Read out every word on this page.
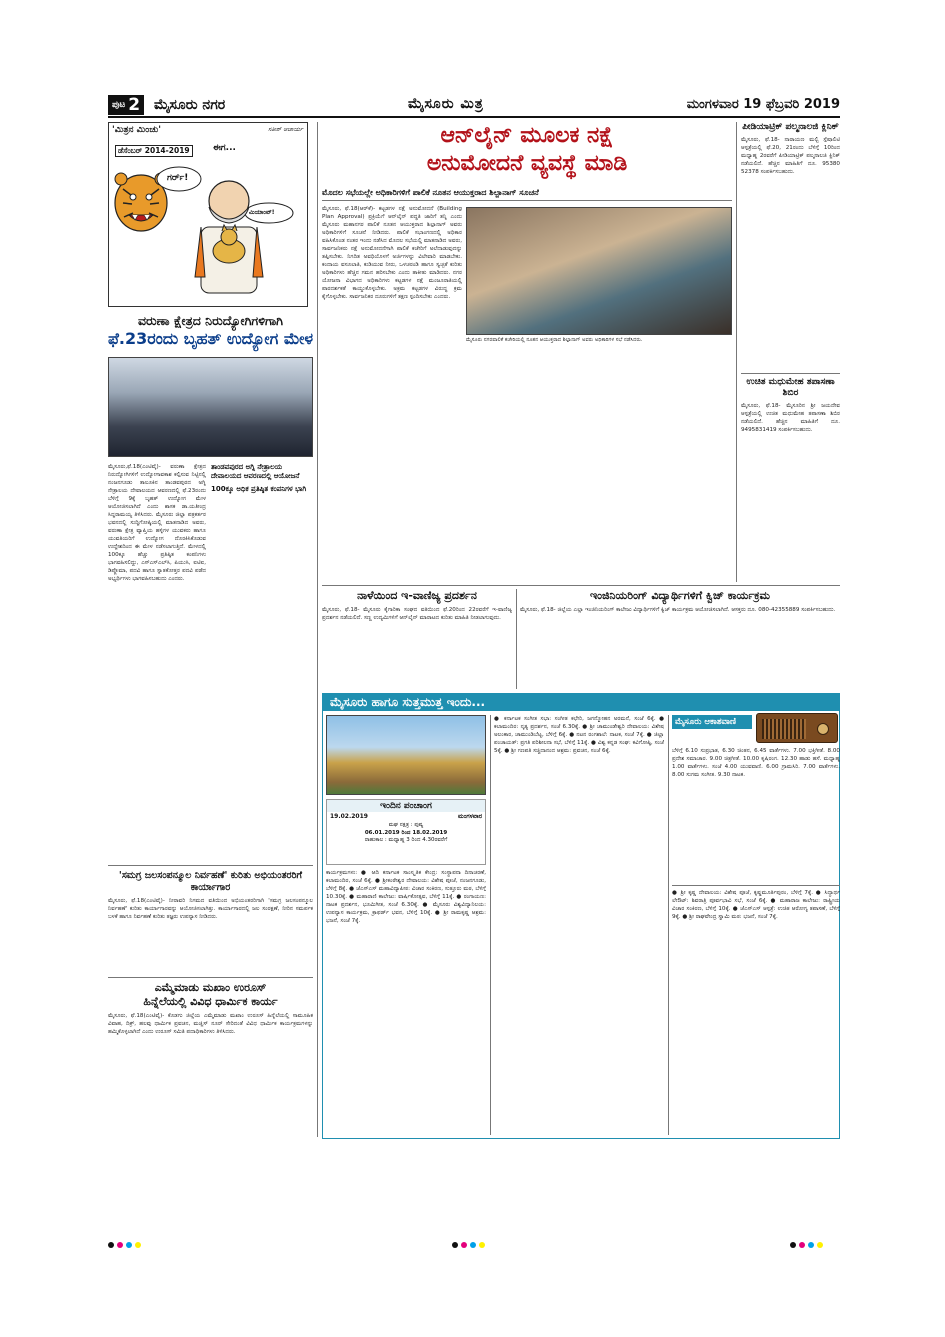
ಪುಟ 2 ಮೈಸೂರು ನಗರ	ಮೈಸೂರು ಮಿತ್ರ	ಮಂಗಳವಾರ 19 ಫೆಬ್ರವರಿ 2019
'ಮಿತ್ರನ ಮಿಂಚು'	ಸತೀಶ್ ಆಚಾರ್ಯ
ಡೆಸೆಂಬರ್ 2014-2019	ಈಗ...
ಗರ್ರ್!
ಮಿಯಾಂವ್!
ವರುಣಾ ಕ್ಷೇತ್ರದ ನಿರುದ್ಯೋಗಿಗಳಿಗಾಗಿ
ಫೆ.23ರಂದು ಬೃಹತ್ ಉದ್ಯೋಗ ಮೇಳ

ಮೈಸೂರು,ಫೆ.18(ಎಂಟಿವೈ)- ವರುಣಾ ಕ್ಷೇತ್ರದ ನಿರುದ್ಯೋಗಿಗಳಿಗೆ ಉದ್ಯೋಗಾವಕಾಶ ಕಲ್ಪಿಸುವ ನಿಟ್ಟಿನಲ್ಲಿ ನಂಜನಗೂಡು ತಾಲೂಕಿನ ತಾಂಡವಪುರದ ಅಗ್ನಿ ನೇತ್ರಾಲಯ ದೇವಾಲಯದ ಆವರಣದಲ್ಲಿ ಫೆ.23ರಂದು ಬೆಳಿಗ್ಗೆ 9ಕ್ಕೆ ಬೃಹತ್ ಉದ್ಯೋಗ ಮೇಳ ಆಯೋಜಿಸಲಾಗಿದೆ ಎಂದು ಶಾಸಕ ಡಾ.ಯತೀಂದ್ರ ಸಿದ್ದರಾಮಯ್ಯ ತಿಳಿಸಿದರು. ಮೈಸೂರು ಜಿಲ್ಲಾ ಪತ್ರಕರ್ತರ ಭವನದಲ್ಲಿ ಸುದ್ದಿಗೋಷ್ಠಿಯಲ್ಲಿ ಮಾತನಾಡಿದ ಅವರು, ವರುಣಾ ಕ್ಷೇತ್ರ ವ್ಯಾಪ್ತಿಯ ಹಳ್ಳಿಗಳ ಯುವಕರು ಹಾಗೂ ಯುವತಿಯರಿಗೆ ಉದ್ಯೋಗ ದೊರಕಿಸಿಕೊಡುವ ಉದ್ದೇಶದಿಂದ ಈ ಮೇಳ ನಡೆಸಲಾಗುತ್ತಿದೆ. ಮೇಳದಲ್ಲಿ 100ಕ್ಕೂ ಹೆಚ್ಚು ಪ್ರತಿಷ್ಠಿತ ಕಂಪನಿಗಳು ಭಾಗವಹಿಸಲಿದ್ದು, ಎಸ್ಎಸ್ಎಲ್‌ಸಿ, ಪಿಯುಸಿ, ಐಟಿಐ, ಡಿಪ್ಲೊಮಾ, ಪದವಿ ಹಾಗೂ ಸ್ನಾತಕೋತ್ತರ ಪದವಿ ಪಡೆದ ಅಭ್ಯರ್ಥಿಗಳು ಭಾಗವಹಿಸಬಹುದು ಎಂದರು.

ತಾಂಡವಪುರದ ಅಗ್ನಿ ನೇತ್ರಾಲಯ ದೇವಾಲಯದ ಆವರಣದಲ್ಲಿ ಆಯೋಜನೆ
100ಕ್ಕೂ ಅಧಿಕ ಪ್ರತಿಷ್ಠಿತ ಕಂಪನಿಗಳ ಭಾಗಿ
'ಸಮಗ್ರ ಜಲಸಂಪನ್ಮೂಲ ನಿರ್ವಹಣೆ' ಕುರಿತು ಅಭಿಯಂತರರಿಗೆ ಕಾರ್ಯಾಗಾರ
ಮೈಸೂರು, ಫೆ.18(ಎಂಟಿವೈ)- ನೀರಾವರಿ ನಿಗಮದ ವತಿಯಿಂದ ಅಭಿಯಂತರರಿಗಾಗಿ 'ಸಮಗ್ರ ಜಲಸಂಪನ್ಮೂಲ ನಿರ್ವಹಣೆ' ಕುರಿತು ಕಾರ್ಯಾಗಾರವನ್ನು ಆಯೋಜಿಸಲಾಗಿತ್ತು. ಕಾರ್ಯಾಗಾರದಲ್ಲಿ ಜಲ ಸಂರಕ್ಷಣೆ, ನೀರಿನ ಸಮರ್ಪಕ ಬಳಕೆ ಹಾಗೂ ನಿರ್ವಹಣೆ ಕುರಿತು ತಜ್ಞರು ಉಪನ್ಯಾಸ ನೀಡಿದರು.
ಎಮ್ಮೆಮಾಡು ಮಖಾಂ ಉರೂಸ್
ಹಿನ್ನೆಲೆಯಲ್ಲಿ ವಿವಿಧ ಧಾರ್ಮಿಕ ಕಾರ್ಯ
ಮೈಸೂರು, ಫೆ.18(ಎಂಟಿವೈ)- ಕೊಡಗು ಜಿಲ್ಲೆಯ ಎಮ್ಮೆಮಾಡು ಮಖಾಂ ಉರೂಸ್ ಹಿನ್ನೆಲೆಯಲ್ಲಿ ಸಾಮೂಹಿಕ ವಿವಾಹ, ದಿಕ್ರ್, ಹಲವು ಧಾರ್ಮಿಕ ಪ್ರವಚನ, ಮಜ್ಲಿಸ್ ನೂರ್ ಸೇರಿದಂತೆ ವಿವಿಧ ಧಾರ್ಮಿಕ ಕಾರ್ಯಕ್ರಮಗಳನ್ನು ಹಮ್ಮಿಕೊಳ್ಳಲಾಗಿದೆ ಎಂದು ಉರೂಸ್ ಸಮಿತಿ ಪದಾಧಿಕಾರಿಗಳು ತಿಳಿಸಿದರು.
ಆನ್‌ಲೈನ್ ಮೂಲಕ ನಕ್ಷೆ
ಅನುಮೋದನೆ ವ್ಯವಸ್ಥೆ ಮಾಡಿ
ಮೊದಲ ಸಭೆಯಲ್ಲೇ ಅಧಿಕಾರಿಗಳಿಗೆ ಪಾಲಿಕೆ ನೂತನ ಆಯುಕ್ತರಾದ ಶಿಲ್ಪಾನಾಗ್ ಸೂಚನೆ

ಮೈಸೂರು, ಫೆ.18(ಆರ್‌ಕೆ)- ಕಟ್ಟಡಗಳ ನಕ್ಷೆ ಅನುಮೋದನೆ (Building Plan Approval) ಪ್ರಕ್ರಿಯೆಗೆ ಆನ್‌ಲೈನ್ ಪದ್ಧತಿ ಜಾರಿಗೆ ತನ್ನಿ ಎಂದು ಮೈಸೂರು ಮಹಾನಗರ ಪಾಲಿಕೆ ನೂತನ ಆಯುಕ್ತರಾದ ಶಿಲ್ಪಾನಾಗ್ ಅವರು ಅಧಿಕಾರಿಗಳಿಗೆ ಸೂಚನೆ ನೀಡಿದರು. ಪಾಲಿಕೆ ಸಭಾಂಗಣದಲ್ಲಿ ಅಧಿಕಾರ ವಹಿಸಿಕೊಂಡ ನಂತರ ಇಂದು ನಡೆಸಿದ ಮೊದಲ ಸಭೆಯಲ್ಲಿ ಮಾತನಾಡಿದ ಅವರು, ಸಾರ್ವಜನಿಕರು ನಕ್ಷೆ ಅನುಮೋದನೆಗಾಗಿ ಪಾಲಿಕೆ ಕಚೇರಿಗೆ ಅಲೆದಾಡುವುದನ್ನು ತಪ್ಪಿಸಬೇಕು. ನಿಗದಿತ ಅವಧಿಯೊಳಗೆ ಅರ್ಜಿಗಳನ್ನು ವಿಲೇವಾರಿ ಮಾಡಬೇಕು. ಕಂದಾಯ ವಸೂಲಾತಿ, ಕುಡಿಯುವ ನೀರು, ಒಳಚರಂಡಿ ಹಾಗೂ ಸ್ವಚ್ಛತೆ ಕುರಿತು ಅಧಿಕಾರಿಗಳು ಹೆಚ್ಚಿನ ಗಮನ ಹರಿಸಬೇಕು ಎಂದು ತಾಕೀತು ಮಾಡಿದರು. ನಗರ ಯೋಜನಾ ವಿಭಾಗದ ಅಧಿಕಾರಿಗಳು ಕಟ್ಟಡಗಳ ನಕ್ಷೆ ಮಂಜೂರಾತಿಯಲ್ಲಿ ಪಾರದರ್ಶಕತೆ ಕಾಯ್ದುಕೊಳ್ಳಬೇಕು. ಅಕ್ರಮ ಕಟ್ಟಡಗಳ ವಿರುದ್ಧ ಕ್ರಮ ಕೈಗೊಳ್ಳಬೇಕು. ಸಾರ್ವಜನಿಕರ ದೂರುಗಳಿಗೆ ತಕ್ಷಣ ಸ್ಪಂದಿಸಬೇಕು ಎಂದರು.

ಮೈಸೂರು ನಗರಪಾಲಿಕೆ ಕಚೇರಿಯಲ್ಲಿ ನೂತನ ಆಯುಕ್ತರಾದ ಶಿಲ್ಪಾನಾಗ್ ಅವರು ಅಧಿಕಾರಿಗಳ ಸಭೆ ನಡೆಸಿದರು.
ಪೀಡಿಯಾಟ್ರಿಕ್ ಪಲ್ಮನಾಲಜಿ ಕ್ಲಿನಿಕ್
ಮೈಸೂರು, ಫೆ.18- ನಾರಾಯಣ ಮಲ್ಟಿ ಸ್ಪೆಷಾಲಿಟಿ ಆಸ್ಪತ್ರೆಯಲ್ಲಿ ಫೆ.20, 21ರಂದು ಬೆಳಿಗ್ಗೆ 10ರಿಂದ ಮಧ್ಯಾಹ್ನ 2ರವರೆಗೆ ಪೀಡಿಯಾಟ್ರಿಕ್ ಪಲ್ಮನಾಲಜಿ ಕ್ಲಿನಿಕ್ ನಡೆಯಲಿದೆ. ಹೆಚ್ಚಿನ ಮಾಹಿತಿಗೆ ದೂ. 95380 52378 ಸಂಪರ್ಕಿಸಬಹುದು.
ಉಚಿತ ಮಧುಮೇಹ ತಪಾಸಣಾ ಶಿಬಿರ
ಮೈಸೂರು, ಫೆ.18- ಮೈಸೂರಿನ ಶ್ರೀ ಜಯದೇವ ಆಸ್ಪತ್ರೆಯಲ್ಲಿ ಉಚಿತ ಮಧುಮೇಹ ತಪಾಸಣಾ ಶಿಬಿರ ನಡೆಯಲಿದೆ. ಹೆಚ್ಚಿನ ಮಾಹಿತಿಗೆ ದೂ. 9495831419 ಸಂಪರ್ಕಿಸಬಹುದು.
ನಾಳೆಯಿಂದ ಇ-ವಾಣಿಜ್ಯ ಪ್ರದರ್ಶನ
ಮೈಸೂರು, ಫೆ.18- ಮೈಸೂರು ಕೈಗಾರಿಕಾ ಸಂಘದ ವತಿಯಿಂದ ಫೆ.20ರಿಂದ 22ರವರೆಗೆ ಇ-ವಾಣಿಜ್ಯ ಪ್ರದರ್ಶನ ನಡೆಯಲಿದೆ. ಸಣ್ಣ ಉದ್ಯಮಿಗಳಿಗೆ ಆನ್‌ಲೈನ್ ಮಾರಾಟದ ಕುರಿತು ಮಾಹಿತಿ ನೀಡಲಾಗುವುದು.
ಇಂಜಿನಿಯರಿಂಗ್ ವಿದ್ಯಾರ್ಥಿಗಳಿಗೆ ಕ್ವಿಜ್ ಕಾರ್ಯಕ್ರಮ
ಮೈಸೂರು, ಫೆ.18- ಜಿಲ್ಲೆಯ ಎಲ್ಲಾ ಇಂಜಿನಿಯರಿಂಗ್ ಕಾಲೇಜು ವಿದ್ಯಾರ್ಥಿಗಳಿಗೆ ಕ್ವಿಜ್ ಕಾರ್ಯಕ್ರಮ ಆಯೋಜಿಸಲಾಗಿದೆ. ಆಸಕ್ತರು ದೂ. 080-42355889 ಸಂಪರ್ಕಿಸಬಹುದು.
ಮೈಸೂರು ಹಾಗೂ ಸುತ್ತಮುತ್ತ ಇಂದು...
ಇಂದಿನ ಪಂಚಾಂಗ
19.02.2019	ಮಂಗಳವಾರ
ಮಘ ನಕ್ಷತ್ರ : ಪುಷ್ಯ
06.01.2019 ರಿಂದ 18.02.2019
ರಾಹುಕಾಲ : ಮಧ್ಯಾಹ್ನ 3 ರಿಂದ 4.30ರವರೆಗೆ

ಕಾರ್ಯಕ್ರಮಗಳು: ● ಆದಿ ಕರ್ನಾಟಕ ಸಾಂಸ್ಕೃತಿಕ ಕೇಂದ್ರ: ಸಂಸ್ಥಾಪನಾ ದಿನಾಚರಣೆ, ಕಲಾಮಂದಿರ, ಸಂಜೆ 6ಕ್ಕೆ. ● ಶ್ರೀಕಂಠೇಶ್ವರ ದೇವಾಲಯ: ವಿಶೇಷ ಪೂಜೆ, ನಂಜನಗೂಡು, ಬೆಳಿಗ್ಗೆ 8ಕ್ಕೆ. ● ಜೆಎಸ್‌ಎಸ್ ಮಹಾವಿದ್ಯಾಪೀಠ: ವಿಚಾರ ಸಂಕಿರಣ, ಸುತ್ತೂರು ಮಠ, ಬೆಳಿಗ್ಗೆ 10.30ಕ್ಕೆ. ● ಮಹಾರಾಣಿ ಕಾಲೇಜು: ವಾರ್ಷಿಕೋತ್ಸವ, ಬೆಳಿಗ್ಗೆ 11ಕ್ಕೆ. ● ರಂಗಾಯಣ: ನಾಟಕ ಪ್ರದರ್ಶನ, ಭೂಮಿಗೀತ, ಸಂಜೆ 6.30ಕ್ಕೆ. ● ಮೈಸೂರು ವಿಶ್ವವಿದ್ಯಾನಿಲಯ: ಉಪನ್ಯಾಸ ಕಾರ್ಯಕ್ರಮ, ಕ್ರಾಫರ್ಡ್ ಭವನ, ಬೆಳಿಗ್ಗೆ 10ಕ್ಕೆ. ● ಶ್ರೀ ರಾಮಕೃಷ್ಣ ಆಶ್ರಮ: ಭಜನೆ, ಸಂಜೆ 7ಕ್ಕೆ.

● ಕರ್ನಾಟಕ ಸಂಗೀತ ಸಭಾ: ಸಂಗೀತ ಕಛೇರಿ, ಜಗನ್ಮೋಹನ ಅರಮನೆ, ಸಂಜೆ 6ಕ್ಕೆ. ● ಕಲಾಮಂದಿರ: ನೃತ್ಯ ಪ್ರದರ್ಶನ, ಸಂಜೆ 6.30ಕ್ಕೆ. ● ಶ್ರೀ ಚಾಮುಂಡೇಶ್ವರಿ ದೇವಾಲಯ: ವಿಶೇಷ ಅಲಂಕಾರ, ಚಾಮುಂಡಿಬೆಟ್ಟ, ಬೆಳಿಗ್ಗೆ 6ಕ್ಕೆ. ● ನಟನ ರಂಗಶಾಲೆ: ನಾಟಕ, ಸಂಜೆ 7ಕ್ಕೆ. ● ಜಿಲ್ಲಾ ಪಂಚಾಯತ್: ಪ್ರಗತಿ ಪರಿಶೀಲನಾ ಸಭೆ, ಬೆಳಿಗ್ಗೆ 11ಕ್ಕೆ. ● ವಿಶ್ವ ಕನ್ನಡ ಸಂಘ: ಕವಿಗೋಷ್ಠಿ, ಸಂಜೆ 5ಕ್ಕೆ. ● ಶ್ರೀ ಗಣಪತಿ ಸಚ್ಚಿದಾನಂದ ಆಶ್ರಮ: ಪ್ರವಚನ, ಸಂಜೆ 6ಕ್ಕೆ.

ಮೈಸೂರು ಆಕಾಶವಾಣಿ

ಬೆಳಿಗ್ಗೆ 6.10 ಸುಪ್ರಭಾತ, 6.30 ಚಿಂತನ, 6.45 ವಾರ್ತೆಗಳು. 7.00 ಭಕ್ತಿಗೀತೆ. 8.00 ಪ್ರದೇಶ ಸಮಾಚಾರ. 9.00 ಚಿತ್ರಗೀತೆ. 10.00 ಕೃಷಿರಂಗ. 12.30 ಹಾಡು ಹಸೆ. ಮಧ್ಯಾಹ್ನ 1.00 ವಾರ್ತೆಗಳು. ಸಂಜೆ 4.00 ಯುವವಾಣಿ. 6.00 ಗ್ರಾಮಸಿರಿ. 7.00 ವಾರ್ತೆಗಳು. 8.00 ಸುಗಮ ಸಂಗೀತ. 9.30 ನಾಟಕ.

● ಶ್ರೀ ಕೃಷ್ಣ ದೇವಾಲಯ: ವಿಶೇಷ ಪೂಜೆ, ಕೃಷ್ಣಮೂರ್ತಿಪುರಂ, ಬೆಳಿಗ್ಗೆ 7ಕ್ಕೆ. ● ಸಿದ್ಧಾರ್ಥ ಲೇಔಟ್: ಶಿವರಾತ್ರಿ ಪೂರ್ವಭಾವಿ ಸಭೆ, ಸಂಜೆ 6ಕ್ಕೆ. ● ಮಹಾರಾಜ ಕಾಲೇಜು: ರಾಷ್ಟ್ರೀಯ ವಿಚಾರ ಸಂಕಿರಣ, ಬೆಳಿಗ್ಗೆ 10ಕ್ಕೆ. ● ಜೆಎಸ್‌ಎಸ್ ಆಸ್ಪತ್ರೆ: ಉಚಿತ ಆರೋಗ್ಯ ತಪಾಸಣೆ, ಬೆಳಿಗ್ಗೆ 9ಕ್ಕೆ. ● ಶ್ರೀ ರಾಘವೇಂದ್ರ ಸ್ವಾಮಿ ಮಠ: ಭಜನೆ, ಸಂಜೆ 7ಕ್ಕೆ.
